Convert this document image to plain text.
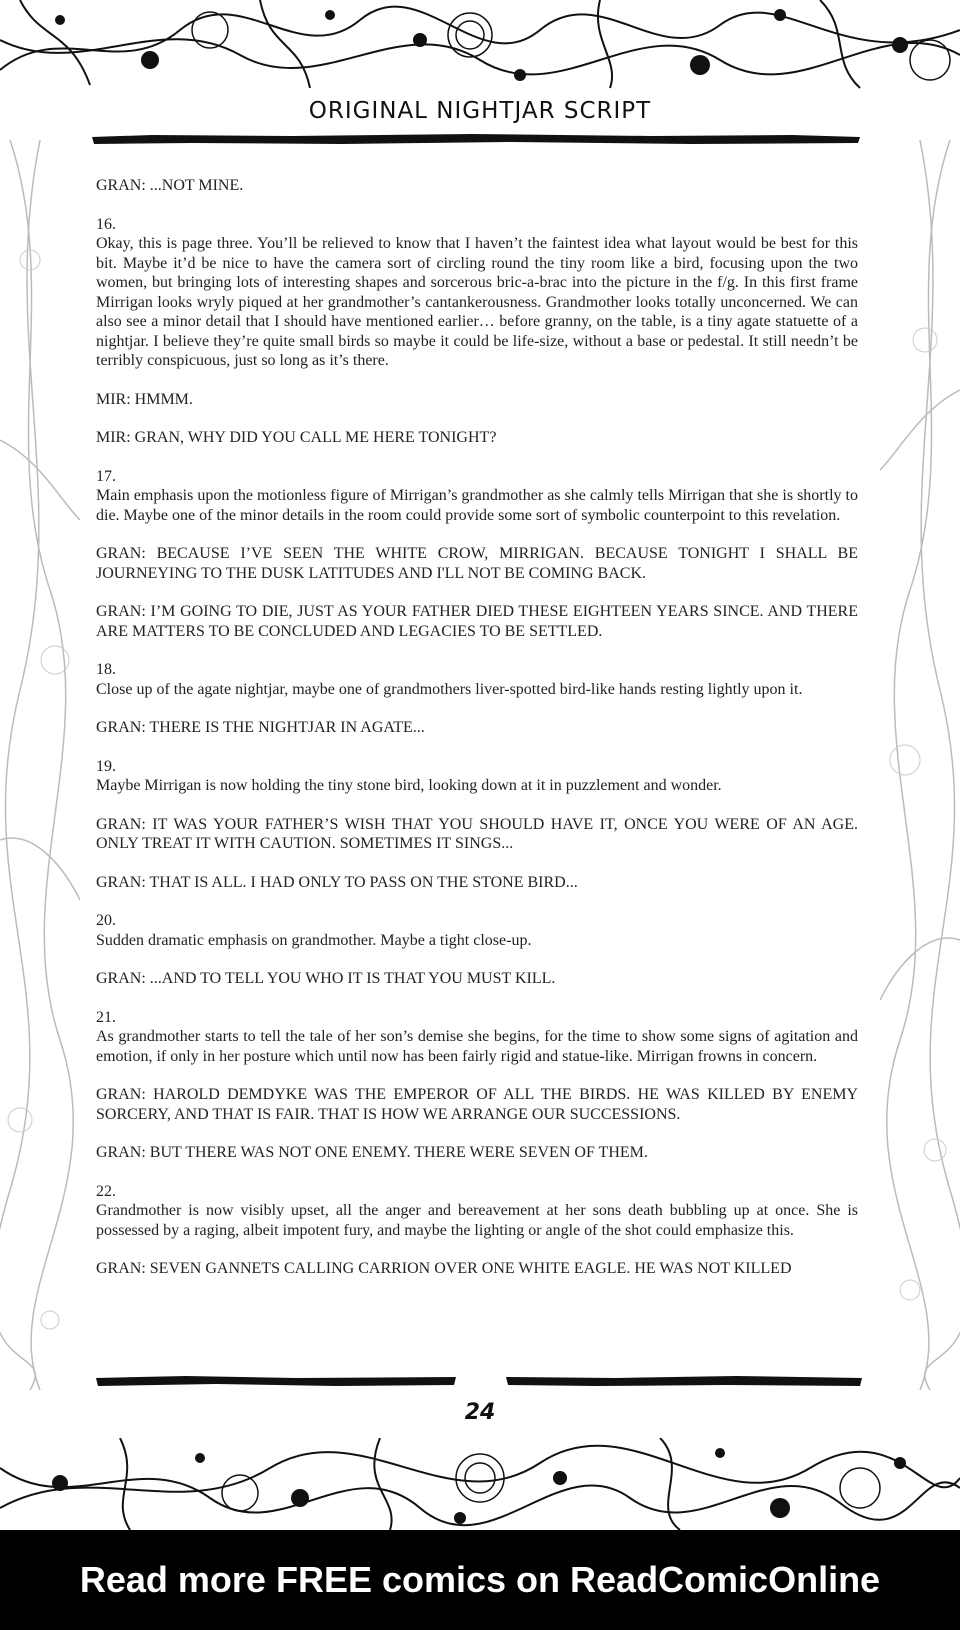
ORIGINAL NIGHTJAR SCRIPT

GRAN: ...NOT MINE.

16.

Okay, this is page three. You’ll be relieved to know that I haven’t the faintest idea what layout would be best for this bit. Maybe it’d be nice to have the camera sort of circling round the tiny room like a bird, focusing upon the two women, but bringing lots of interesting shapes and sorcerous bric-a-brac into the picture in the f/g. In this first frame Mirrigan looks wryly piqued at her grandmother’s cantankerousness. Grandmother looks totally unconcerned. We can also see a minor detail that I should have mentioned earlier… before granny, on the table, is a tiny agate statuette of a nightjar. I believe they’re quite small birds so maybe it could be life-size, without a base or pedestal. It still needn’t be terribly conspicuous, just so long as it’s there.

MIR: HMMM.

MIR: GRAN, WHY DID YOU CALL ME HERE TONIGHT?

17.

Main emphasis upon the motionless figure of Mirrigan’s grandmother as she calmly tells Mirrigan that she is shortly to die. Maybe one of the minor details in the room could provide some sort of symbolic counterpoint to this revelation.

GRAN: BECAUSE I’VE SEEN THE WHITE CROW, MIRRIGAN. BECAUSE TONIGHT I SHALL BE JOURNEYING TO THE DUSK LATITUDES AND I'LL NOT BE COMING BACK.

GRAN: I’M GOING TO DIE, JUST AS YOUR FATHER DIED THESE EIGHTEEN YEARS SINCE. AND THERE ARE MATTERS TO BE CONCLUDED AND LEGACIES TO BE SETTLED.

18.

Close up of the agate nightjar, maybe one of grandmothers liver-spotted bird-like hands resting lightly upon it.

GRAN: THERE IS THE NIGHTJAR IN AGATE...

19.

Maybe Mirrigan is now holding the tiny stone bird, looking down at it in puzzlement and wonder.

GRAN: IT WAS YOUR FATHER’S WISH THAT YOU SHOULD HAVE IT, ONCE YOU WERE OF AN AGE. ONLY TREAT IT WITH CAUTION. SOMETIMES IT SINGS...

GRAN: THAT IS ALL. I HAD ONLY TO PASS ON THE STONE BIRD...

20.

Sudden dramatic emphasis on grandmother. Maybe a tight close-up.

GRAN: ...AND TO TELL YOU WHO IT IS THAT YOU MUST KILL.

21.

As grandmother starts to tell the tale of her son’s demise she begins, for the time to show some signs of agitation and emotion, if only in her posture which until now has been fairly rigid and statue-like. Mirrigan frowns in concern.

GRAN: HAROLD DEMDYKE WAS THE EMPEROR OF ALL THE BIRDS. HE WAS KILLED BY ENEMY SORCERY, AND THAT IS FAIR. THAT IS HOW WE ARRANGE OUR SUCCESSIONS.

GRAN: BUT THERE WAS NOT ONE ENEMY. THERE WERE SEVEN OF THEM.

22.

Grandmother is now visibly upset, all the anger and bereavement at her sons death bubbling up at once. She is possessed by a raging, albeit impotent fury, and maybe the lighting or angle of the shot could emphasize this.

GRAN: SEVEN GANNETS CALLING CARRION OVER ONE WHITE EAGLE. HE WAS NOT KILLED

24
Read more FREE comics on ReadComicOnline
